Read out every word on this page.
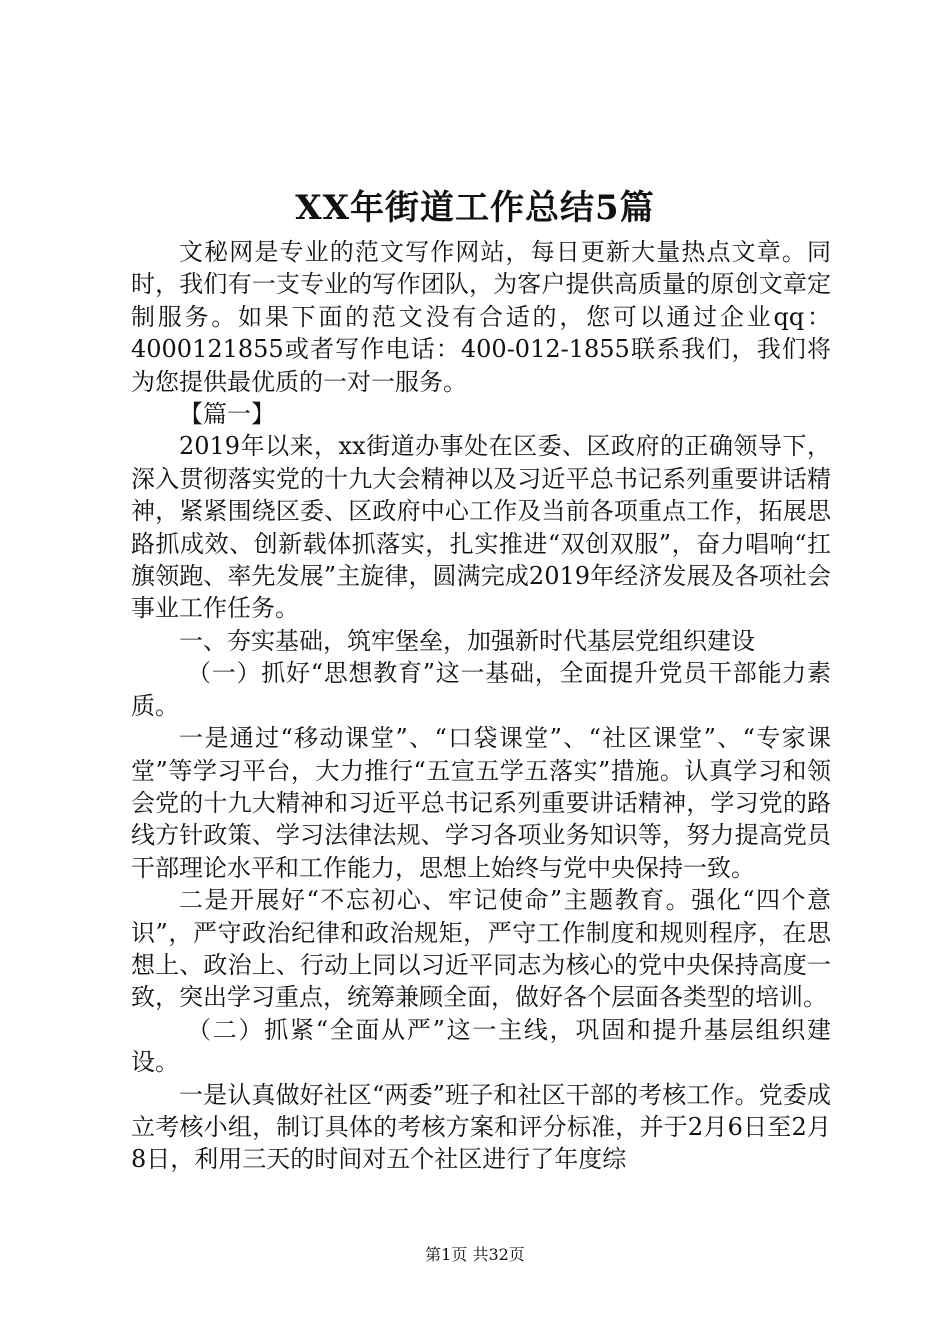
XX年街道工作总结5篇

文秘网是专业的范文写作网站，每日更新大量热点文章。同时，我们有一支专业的写作团队，为客户提供高质量的原创文章定制服务。如果下面的范文没有合适的，您可以通过企业qq：4000121855或者写作电话：400-012-1855联系我们，我们将为您提供最优质的一对一服务。

【篇一】

2019年以来，xx街道办事处在区委、区政府的正确领导下，深入贯彻落实党的十九大会精神以及习近平总书记系列重要讲话精神，紧紧围绕区委、区政府中心工作及当前各项重点工作，拓展思路抓成效、创新载体抓落实，扎实推进“双创双服”，奋力唱响“扛旗领跑、率先发展”主旋律，圆满完成2019年经济发展及各项社会事业工作任务。

一、夯实基础，筑牢堡垒，加强新时代基层党组织建设

（一）抓好“思想教育”这一基础，全面提升党员干部能力素质。

一是通过“移动课堂”、“口袋课堂”、“社区课堂”、“专家课堂”等学习平台，大力推行“五宣五学五落实”措施。认真学习和领会党的十九大精神和习近平总书记系列重要讲话精神，学习党的路线方针政策、学习法律法规、学习各项业务知识等，努力提高党员干部理论水平和工作能力，思想上始终与党中央保持一致。

二是开展好“不忘初心、牢记使命”主题教育。强化“四个意识”，严守政治纪律和政治规矩，严守工作制度和规则程序，在思想上、政治上、行动上同以习近平同志为核心的党中央保持高度一致，突出学习重点，统筹兼顾全面，做好各个层面各类型的培训。

（二）抓紧“全面从严”这一主线，巩固和提升基层组织建设。

一是认真做好社区“两委”班子和社区干部的考核工作。党委成立考核小组，制订具体的考核方案和评分标准，并于2月6日至2月8日，利用三天的时间对五个社区进行了年度综

第1页 共32页
